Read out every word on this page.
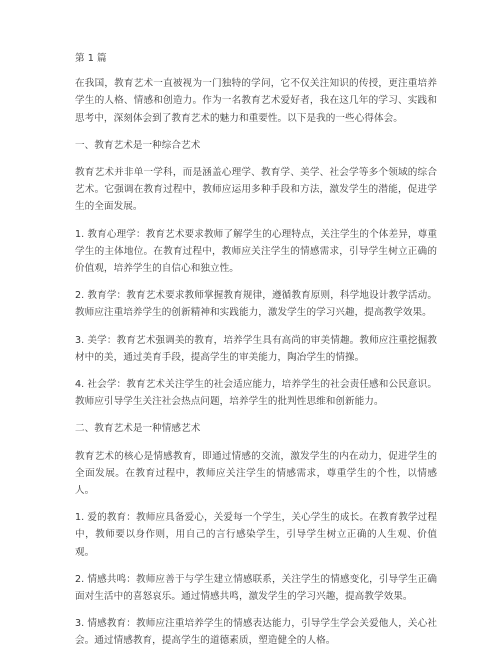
第 1 篇

在我国，教育艺术一直被视为一门独特的学问，它不仅关注知识的传授，更注重培养学生的人格、情感和创造力。作为一名教育艺术爱好者，我在这几年的学习、实践和思考中，深刻体会到了教育艺术的魅力和重要性。以下是我的一些心得体会。

一、教育艺术是一种综合艺术

教育艺术并非单一学科，而是涵盖心理学、教育学、美学、社会学等多个领域的综合艺术。它强调在教育过程中，教师应运用多种手段和方法，激发学生的潜能，促进学生的全面发展。

1. 教育心理学：教育艺术要求教师了解学生的心理特点，关注学生的个体差异，尊重学生的主体地位。在教育过程中，教师应关注学生的情感需求，引导学生树立正确的价值观，培养学生的自信心和独立性。

2. 教育学：教育艺术要求教师掌握教育规律，遵循教育原则，科学地设计教学活动。教师应注重培养学生的创新精神和实践能力，激发学生的学习兴趣，提高教学效果。

3. 美学：教育艺术强调美的教育，培养学生具有高尚的审美情趣。教师应注重挖掘教材中的美，通过美育手段，提高学生的审美能力，陶冶学生的情操。

4. 社会学：教育艺术关注学生的社会适应能力，培养学生的社会责任感和公民意识。教师应引导学生关注社会热点问题，培养学生的批判性思维和创新能力。

二、教育艺术是一种情感艺术

教育艺术的核心是情感教育，即通过情感的交流，激发学生的内在动力，促进学生的全面发展。在教育过程中，教师应关注学生的情感需求，尊重学生的个性，以情感人。

1. 爱的教育：教师应具备爱心，关爱每一个学生，关心学生的成长。在教育教学过程中，教师要以身作则，用自己的言行感染学生，引导学生树立正确的人生观、价值观。

2. 情感共鸣：教师应善于与学生建立情感联系，关注学生的情感变化，引导学生正确面对生活中的喜怒哀乐。通过情感共鸣，激发学生的学习兴趣，提高教学效果。

3. 情感教育：教师应注重培养学生的情感表达能力，引导学生学会关爱他人，关心社会。通过情感教育，提高学生的道德素质，塑造健全的人格。
